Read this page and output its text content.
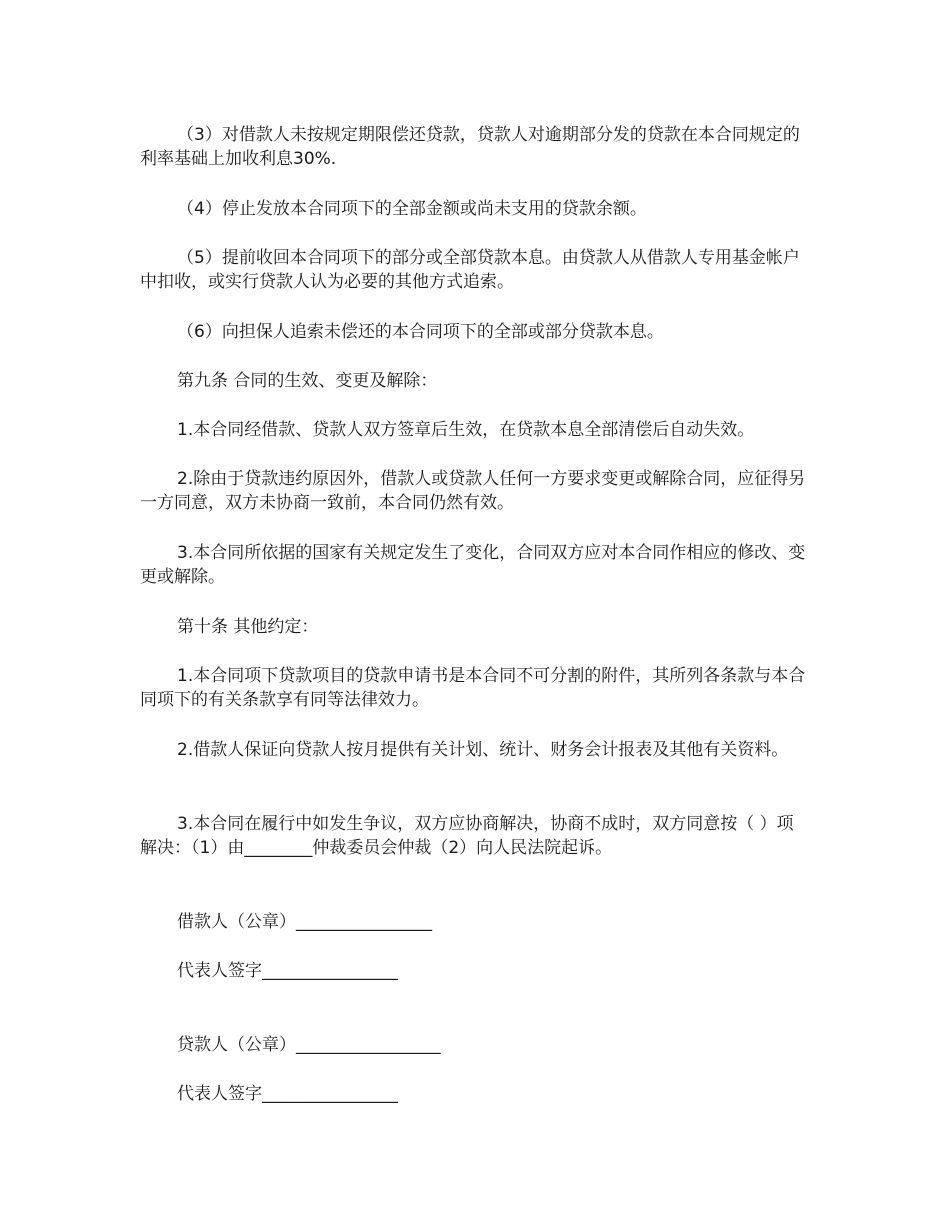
（3）对借款人未按规定期限偿还贷款，贷款人对逾期部分发的贷款在本合同规定的利率基础上加收利息30%.

（4）停止发放本合同项下的全部金额或尚未支用的贷款余额。

（5）提前收回本合同项下的部分或全部贷款本息。由贷款人从借款人专用基金帐户中扣收，或实行贷款人认为必要的其他方式追索。

（6）向担保人追索未偿还的本合同项下的全部或部分贷款本息。

第九条 合同的生效、变更及解除：

1.本合同经借款、贷款人双方签章后生效，在贷款本息全部清偿后自动失效。

2.除由于贷款违约原因外，借款人或贷款人任何一方要求变更或解除合同，应征得另一方同意，双方未协商一致前，本合同仍然有效。

3.本合同所依据的国家有关规定发生了变化，合同双方应对本合同作相应的修改、变更或解除。

第十条 其他约定：

1.本合同项下贷款项目的贷款申请书是本合同不可分割的附件，其所列各条款与本合同项下的有关条款享有同等法律效力。

2.借款人保证向贷款人按月提供有关计划、统计、财务会计报表及其他有关资料。

3.本合同在履行中如发生争议，双方应协商解决，协商不成时，双方同意按（ ）项解决：（1）由________仲裁委员会仲裁（2）向人民法院起诉。

借款人（公章）________________

代表人签字________________

贷款人（公章）_________________

代表人签字________________
